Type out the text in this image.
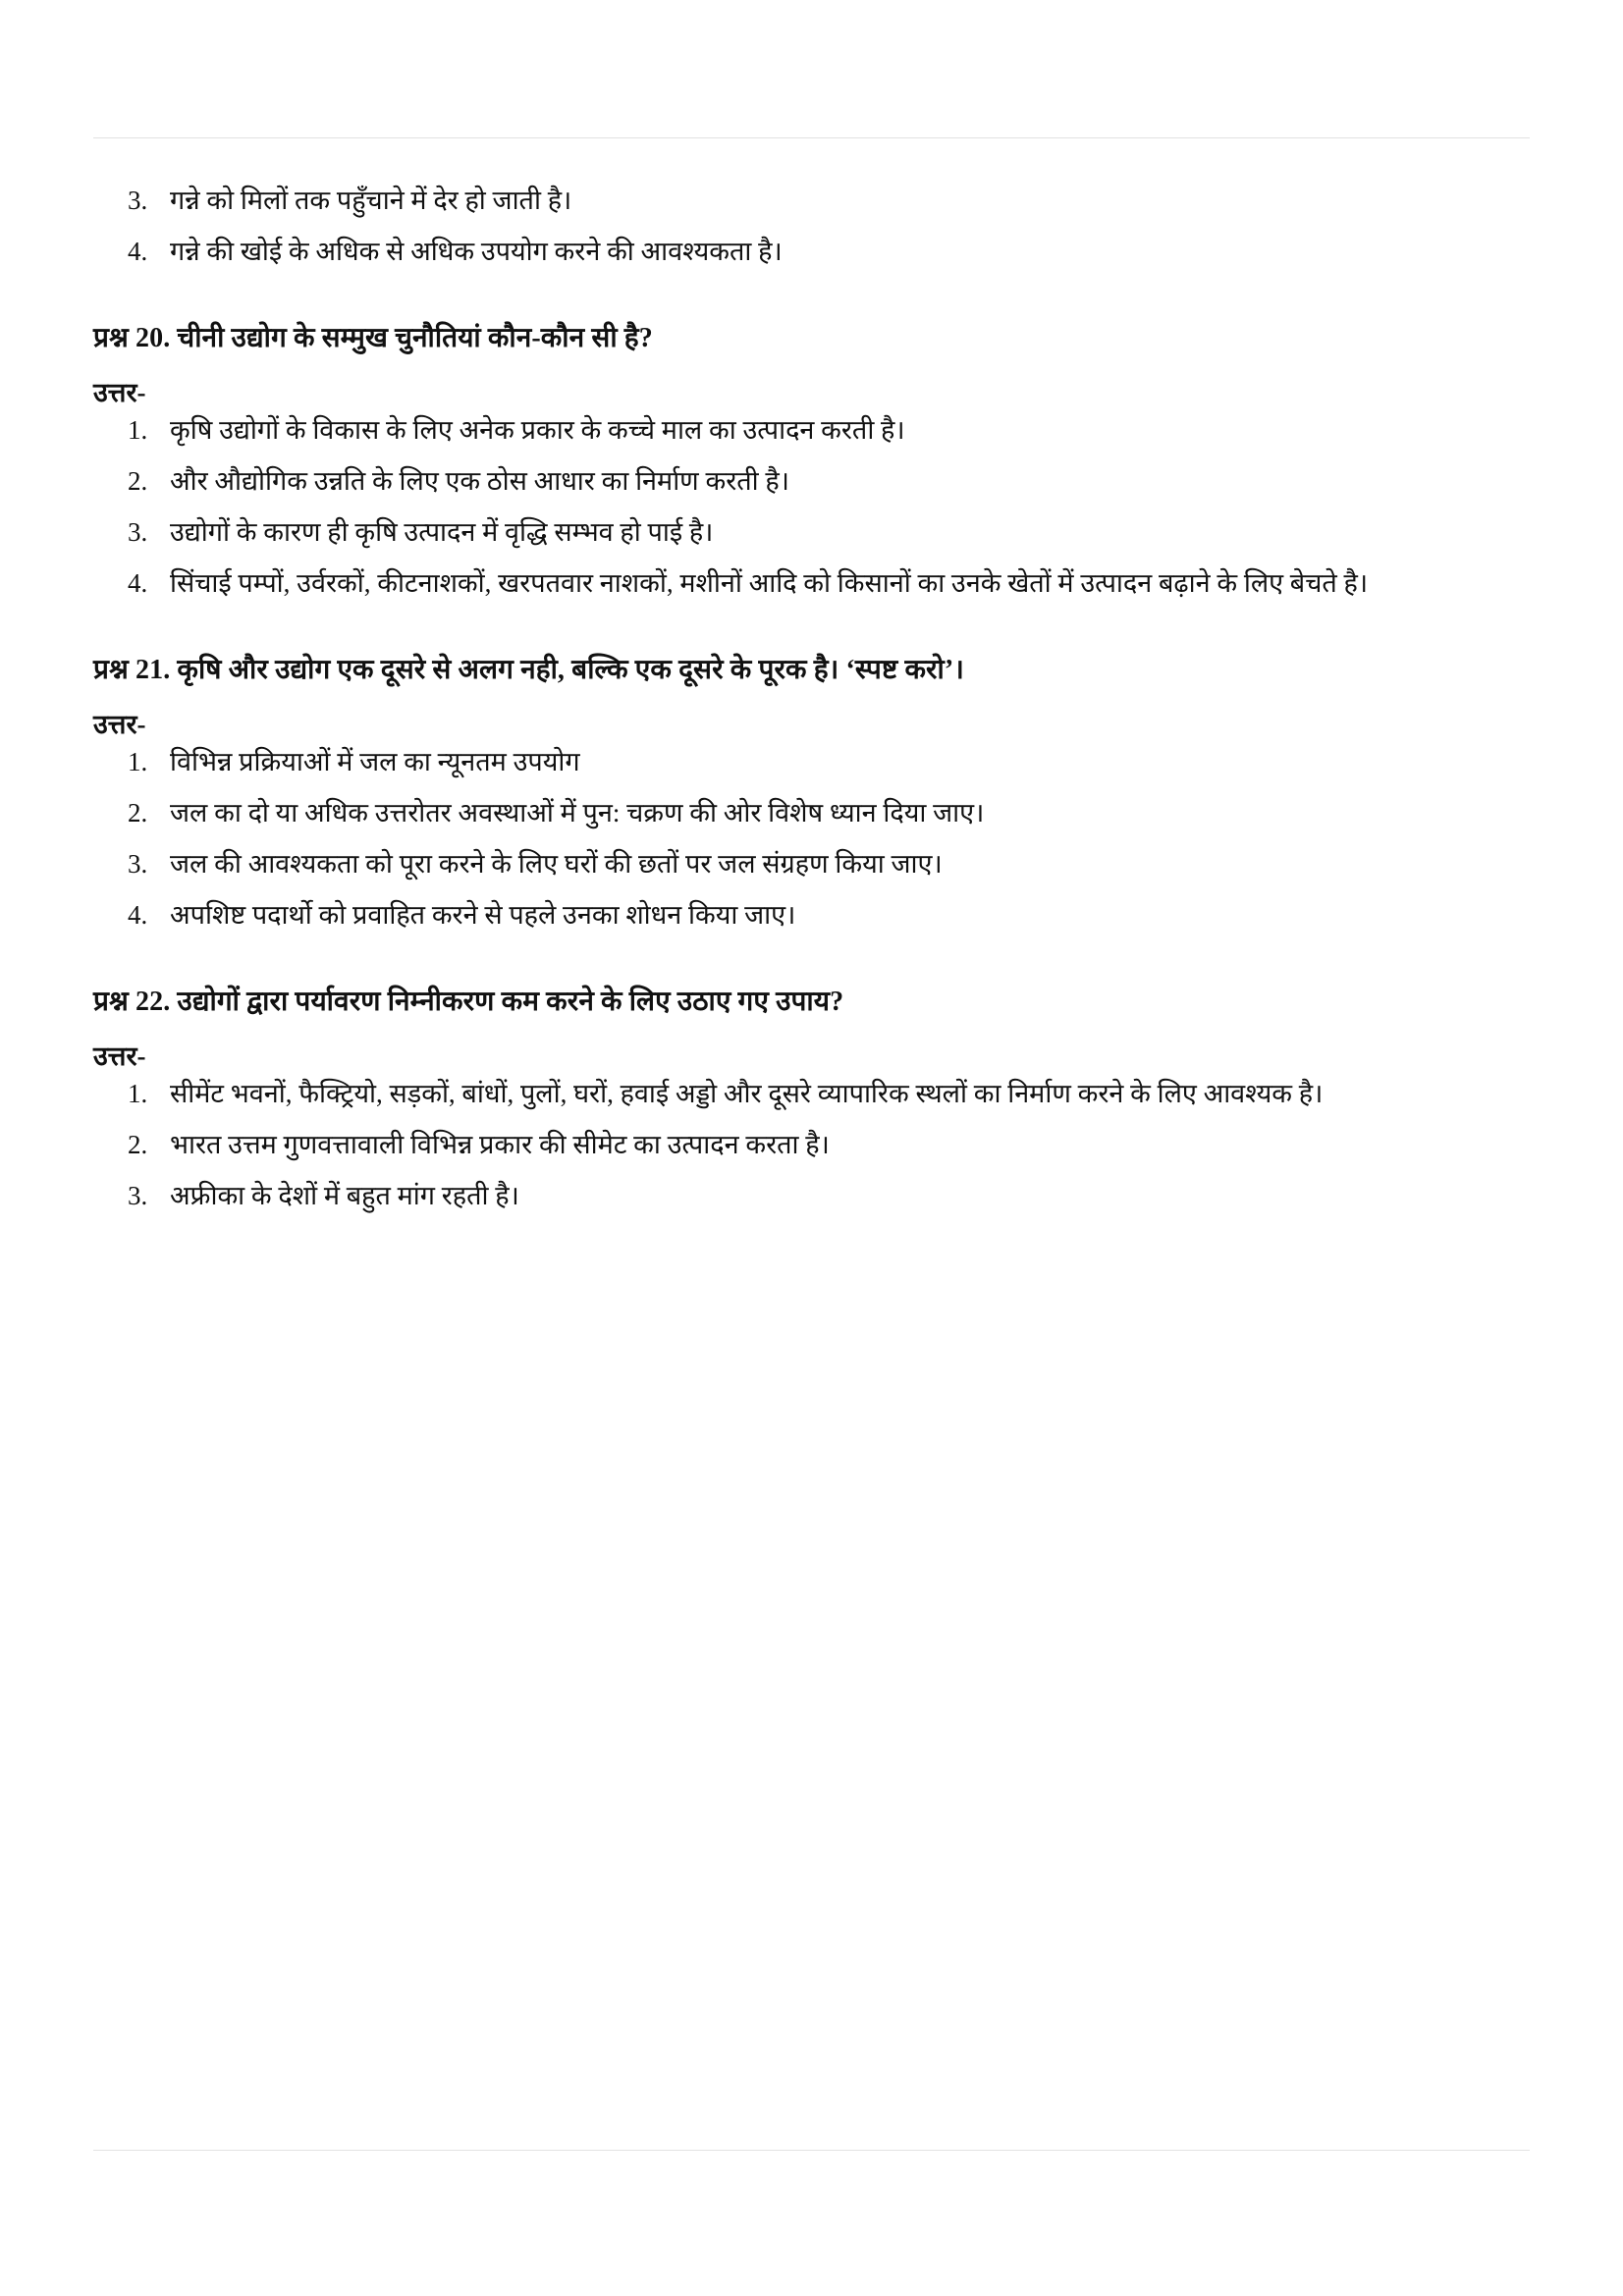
3. गन्ने को मिलों तक पहुँचाने में देर हो जाती है।
4. गन्ने की खोई के अधिक से अधिक उपयोग करने की आवश्यकता है।
प्रश्न 20. चीनी उद्योग के सम्मुख चुनौतियां कौन-कौन सी है?
उत्तर-
1. कृषि उद्योगों के विकास के लिए अनेक प्रकार के कच्चे माल का उत्पादन करती है।
2. और औद्योगिक उन्नति के लिए एक ठोस आधार का निर्माण करती है।
3. उद्योगों के कारण ही कृषि उत्पादन में वृद्धि सम्भव हो पाई है।
4. सिंचाई पम्पों, उर्वरकों, कीटनाशकों, खरपतवार नाशकों, मशीनों आदि को किसानों का उनके खेतों में उत्पादन बढ़ाने के लिए बेचते है।
प्रश्न 21. कृषि और उद्योग एक दूसरे से अलग नही, बल्कि एक दूसरे के पूरक है। ‘स्पष्ट करो’।
उत्तर-
1. विभिन्न प्रक्रियाओं में जल का न्यूनतम उपयोग
2. जल का दो या अधिक उत्तरोतर अवस्थाओं में पुन: चक्रण की ओर विशेष ध्यान दिया जाए।
3. जल की आवश्यकता को पूरा करने के लिए घरों की छतों पर जल संग्रहण किया जाए।
4. अपशिष्ट पदार्थो को प्रवाहित करने से पहले उनका शोधन किया जाए।
प्रश्न 22. उद्योगों द्वारा पर्यावरण निम्नीकरण कम करने के लिए उठाए गए उपाय?
उत्तर-
1. सीमेंट भवनों, फैक्ट्रियो, सड़कों, बांधों, पुलों, घरों, हवाई अड्डो और दूसरे व्यापारिक स्थलों का निर्माण करने के लिए आवश्यक है।
2. भारत उत्तम गुणवत्तावाली विभिन्न प्रकार की सीमेट का उत्पादन करता है।
3. अफ्रीका के देशों में बहुत मांग रहती है।
